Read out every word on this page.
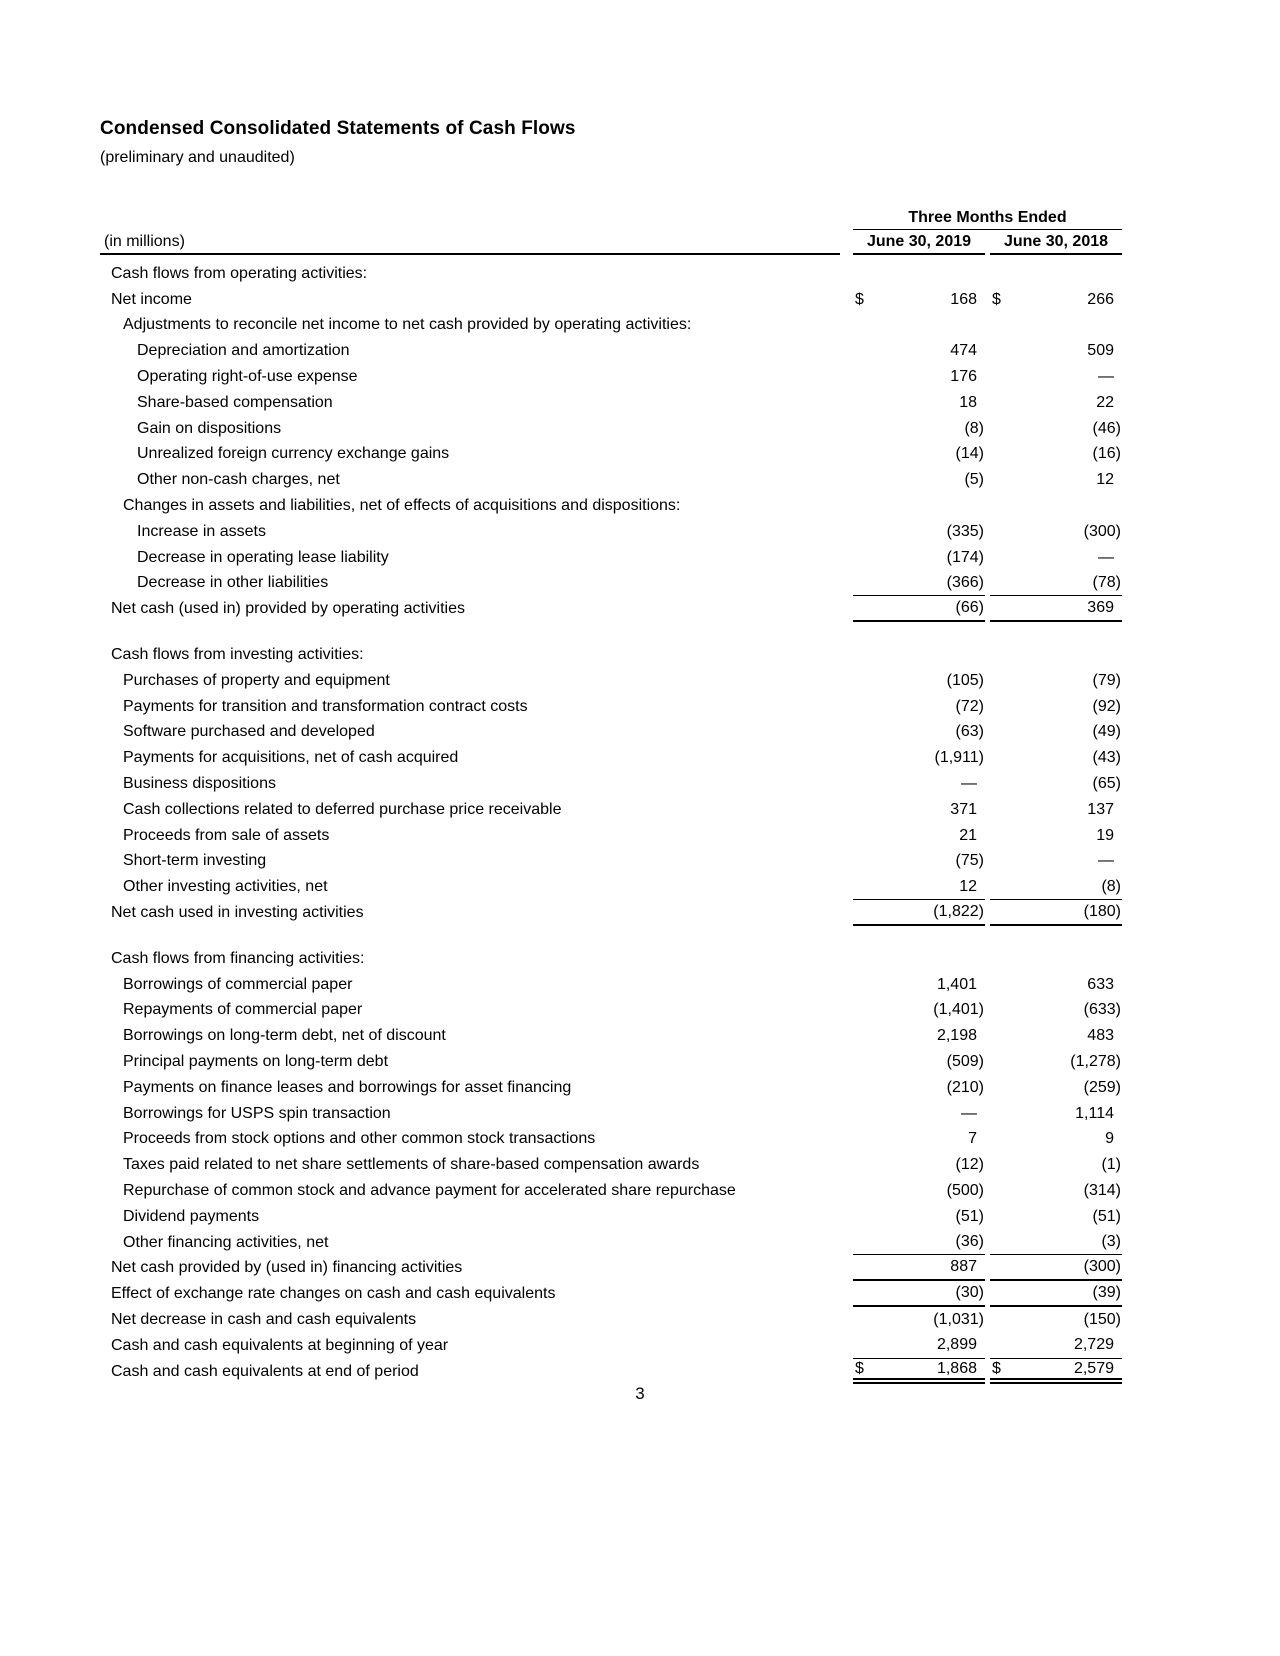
Condensed Consolidated Statements of Cash Flows
(preliminary and unaudited)
(in millions)
Three Months Ended
June 30, 2019	June 30, 2018
Cash flows from operating activities:
Net income	$	168 $	266
Adjustments to reconcile net income to net cash provided by operating activities:
Depreciation and amortization	474	509
Operating right-of-use expense	176	—
Share-based compensation	18	22
Gain on dispositions	(8)	(46)
Unrealized foreign currency exchange gains	(14)	(16)
Other non-cash charges, net	(5)	12
Changes in assets and liabilities, net of effects of acquisitions and dispositions:
Increase in assets	(335)	(300)
Decrease in operating lease liability	(174)	—
Decrease in other liabilities	(366)	(78)
Net cash (used in) provided by operating activities	(66)	369
Cash flows from investing activities:
Purchases of property and equipment	(105)	(79)
Payments for transition and transformation contract costs	(72)	(92)
Software purchased and developed	(63)	(49)
Payments for acquisitions, net of cash acquired	(1,911)	(43)
Business dispositions	—	(65)
Cash collections related to deferred purchase price receivable	371	137
Proceeds from sale of assets	21	19
Short-term investing	(75)	—
Other investing activities, net	12	(8)
Net cash used in investing activities	(1,822)	(180)
Cash flows from financing activities:
Borrowings of commercial paper	1,401	633
Repayments of commercial paper	(1,401)	(633)
Borrowings on long-term debt, net of discount	2,198	483
Principal payments on long-term debt	(509)	(1,278)
Payments on finance leases and borrowings for asset financing	(210)	(259)
Borrowings for USPS spin transaction	—	1,114
Proceeds from stock options and other common stock transactions	7	9
Taxes paid related to net share settlements of share-based compensation awards	(12)	(1)
Repurchase of common stock and advance payment for accelerated share repurchase	(500)	(314)
Dividend payments	(51)	(51)
Other financing activities, net	(36)	(3)
Net cash provided by (used in) financing activities	887	(300)
Effect of exchange rate changes on cash and cash equivalents	(30)	(39)
Net decrease in cash and cash equivalents	(1,031)	(150)
Cash and cash equivalents at beginning of year	2,899	2,729
Cash and cash equivalents at end of period	$	1,868 $	2,579
3
